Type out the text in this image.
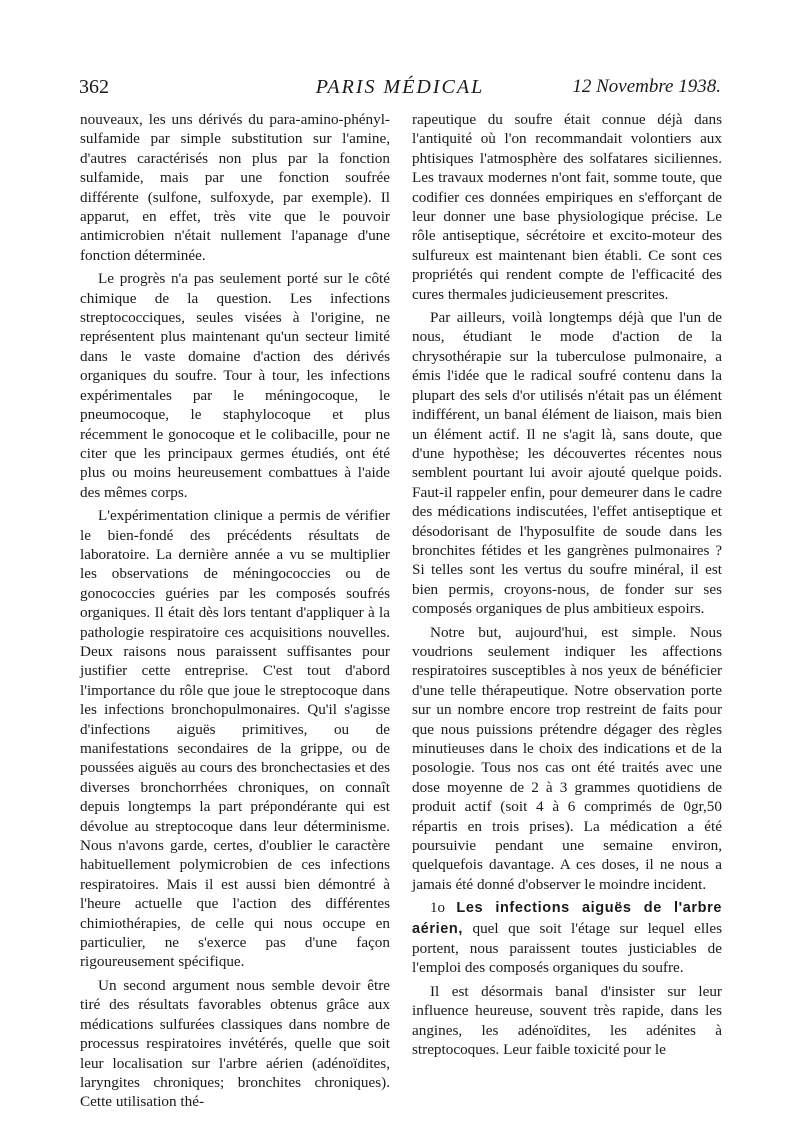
362	PARIS MÉDICAL	12 Novembre 1938.

nouveaux, les uns dérivés du para-amino-phényl-sulfamide par simple substitution sur l'amine, d'autres caractérisés non plus par la fonction sulfamide, mais par une fonction soufrée différente (sulfone, sulfoxyde, par exemple). Il apparut, en effet, très vite que le pouvoir antimicrobien n'était nullement l'apanage d'une fonction déterminée.

Le progrès n'a pas seulement porté sur le côté chimique de la question. Les infections streptococciques, seules visées à l'origine, ne représentent plus maintenant qu'un secteur limité dans le vaste domaine d'action des dérivés organiques du soufre. Tour à tour, les infections expérimentales par le méningocoque, le pneumocoque, le staphylocoque et plus récemment le gonocoque et le colibacille, pour ne citer que les principaux germes étudiés, ont été plus ou moins heureusement combattues à l'aide des mêmes corps.

L'expérimentation clinique a permis de vérifier le bien-fondé des précédents résultats de laboratoire. La dernière année a vu se multiplier les observations de méningococcies ou de gonococcies guéries par les composés soufrés organiques. Il était dès lors tentant d'appliquer à la pathologie respiratoire ces acquisitions nouvelles. Deux raisons nous paraissent suffisantes pour justifier cette entreprise. C'est tout d'abord l'importance du rôle que joue le streptocoque dans les infections bronchopulmonaires. Qu'il s'agisse d'infections aiguës primitives, ou de manifestations secondaires de la grippe, ou de poussées aiguës au cours des bronchectasies et des diverses bronchorrhées chroniques, on connaît depuis longtemps la part prépondérante qui est dévolue au streptocoque dans leur déterminisme. Nous n'avons garde, certes, d'oublier le caractère habituellement polymicrobien de ces infections respiratoires. Mais il est aussi bien démontré à l'heure actuelle que l'action des différentes chimiothérapies, de celle qui nous occupe en particulier, ne s'exerce pas d'une façon rigoureusement spécifique.

Un second argument nous semble devoir être tiré des résultats favorables obtenus grâce aux médications sulfurées classiques dans nombre de processus respiratoires invétérés, quelle que soit leur localisation sur l'arbre aérien (adénoïdites, laryngites chroniques; bronchites chroniques). Cette utilisation thé-

rapeutique du soufre était connue déjà dans l'antiquité où l'on recommandait volontiers aux phtisiques l'atmosphère des solfatares siciliennes. Les travaux modernes n'ont fait, somme toute, que codifier ces données empiriques en s'efforçant de leur donner une base physiologique précise. Le rôle antiseptique, sécrétoire et excito-moteur des sulfureux est maintenant bien établi. Ce sont ces propriétés qui rendent compte de l'efficacité des cures thermales judicieusement prescrites.

Par ailleurs, voilà longtemps déjà que l'un de nous, étudiant le mode d'action de la chrysothérapie sur la tuberculose pulmonaire, a émis l'idée que le radical soufré contenu dans la plupart des sels d'or utilisés n'était pas un élément indifférent, un banal élément de liaison, mais bien un élément actif. Il ne s'agit là, sans doute, que d'une hypothèse; les découvertes récentes nous semblent pourtant lui avoir ajouté quelque poids. Faut-il rappeler enfin, pour demeurer dans le cadre des médications indiscutées, l'effet antiseptique et désodorisant de l'hyposulfite de soude dans les bronchites fétides et les gangrènes pulmonaires ? Si telles sont les vertus du soufre minéral, il est bien permis, croyons-nous, de fonder sur ses composés organiques de plus ambitieux espoirs.

Notre but, aujourd'hui, est simple. Nous voudrions seulement indiquer les affections respiratoires susceptibles à nos yeux de bénéficier d'une telle thérapeutique. Notre observation porte sur un nombre encore trop restreint de faits pour que nous puissions prétendre dégager des règles minutieuses dans le choix des indications et de la posologie. Tous nos cas ont été traités avec une dose moyenne de 2 à 3 grammes quotidiens de produit actif (soit 4 à 6 comprimés de 0gr,50 répartis en trois prises). La médication a été poursuivie pendant une semaine environ, quelquefois davantage. A ces doses, il ne nous a jamais été donné d'observer le moindre incident.

1o Les infections aiguës de l'arbre aérien, quel que soit l'étage sur lequel elles portent, nous paraissent toutes justiciables de l'emploi des composés organiques du soufre.

Il est désormais banal d'insister sur leur influence heureuse, souvent très rapide, dans les angines, les adénoïdites, les adénites à streptocoques. Leur faible toxicité pour le
